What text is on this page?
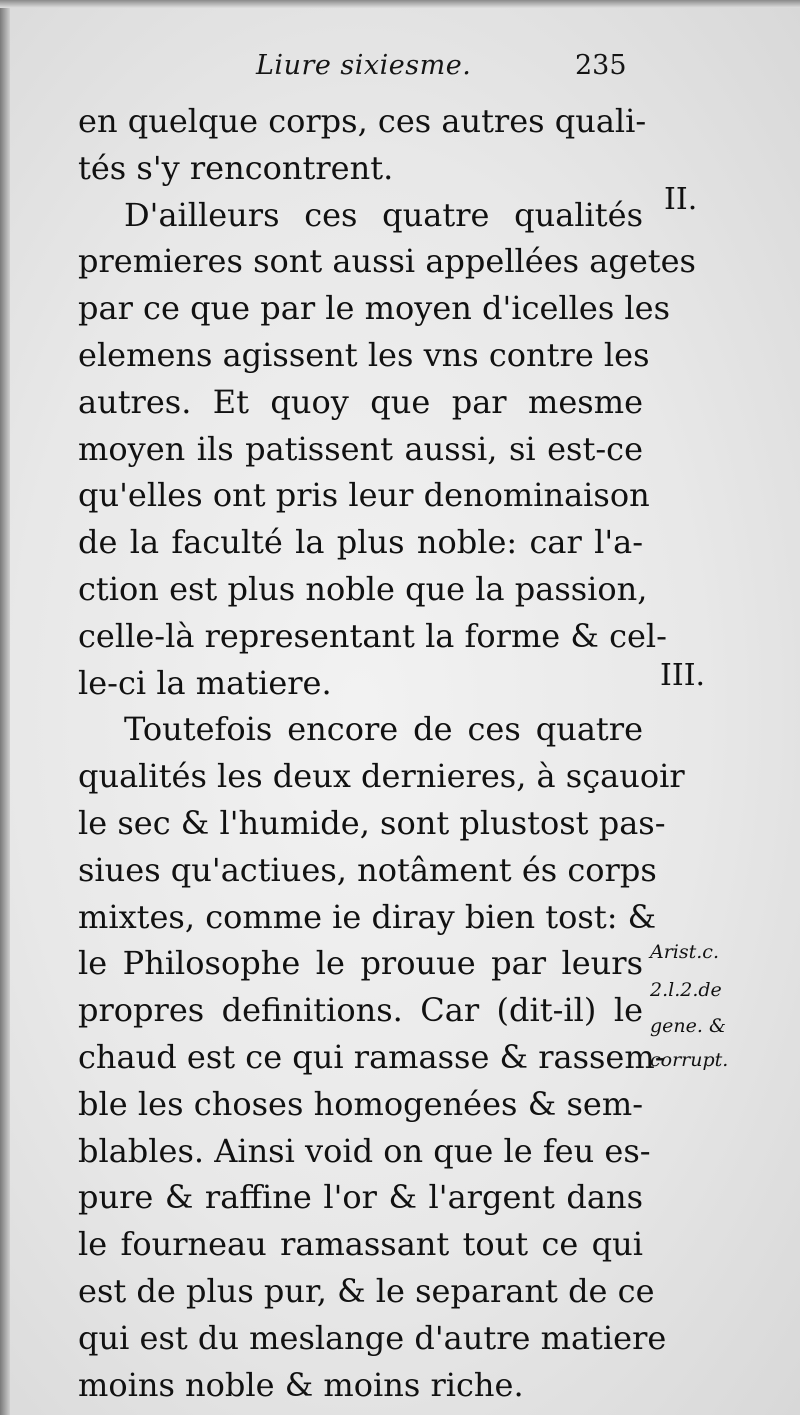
Liure sixiesme.	235
en quelque corps, ces autres quali-
tés s'y rencontrent.
D'ailleurs ces quatre qualités
premieres sont aussi appellées agetes
par ce que par le moyen d'icelles les
elemens agissent les vns contre les
autres. Et quoy que par mesme
moyen ils patissent aussi, si est-ce
qu'elles ont pris leur denominaison
de la faculté la plus noble: car l'a-
ction est plus noble que la passion,
celle-là representant la forme & cel-
le-ci la matiere.
Toutefois encore de ces quatre
qualités les deux dernieres, à sçauoir
le sec & l'humide, sont plustost pas-
siues qu'actiues, notâment és corps
mixtes, comme ie diray bien tost: &
le Philosophe le prouue par leurs
propres definitions. Car (dit-il) le
chaud est ce qui ramasse & rassem-
ble les choses homogenées & sem-
blables. Ainsi void on que le feu es-
pure & raffine l'or & l'argent dans
le fourneau ramassant tout ce qui
est de plus pur, & le separant de ce
qui est du meslange d'autre matiere
moins noble & moins riche.
II.
III.
Arist.c.
2.l.2.de
gene. &
corrupt.
